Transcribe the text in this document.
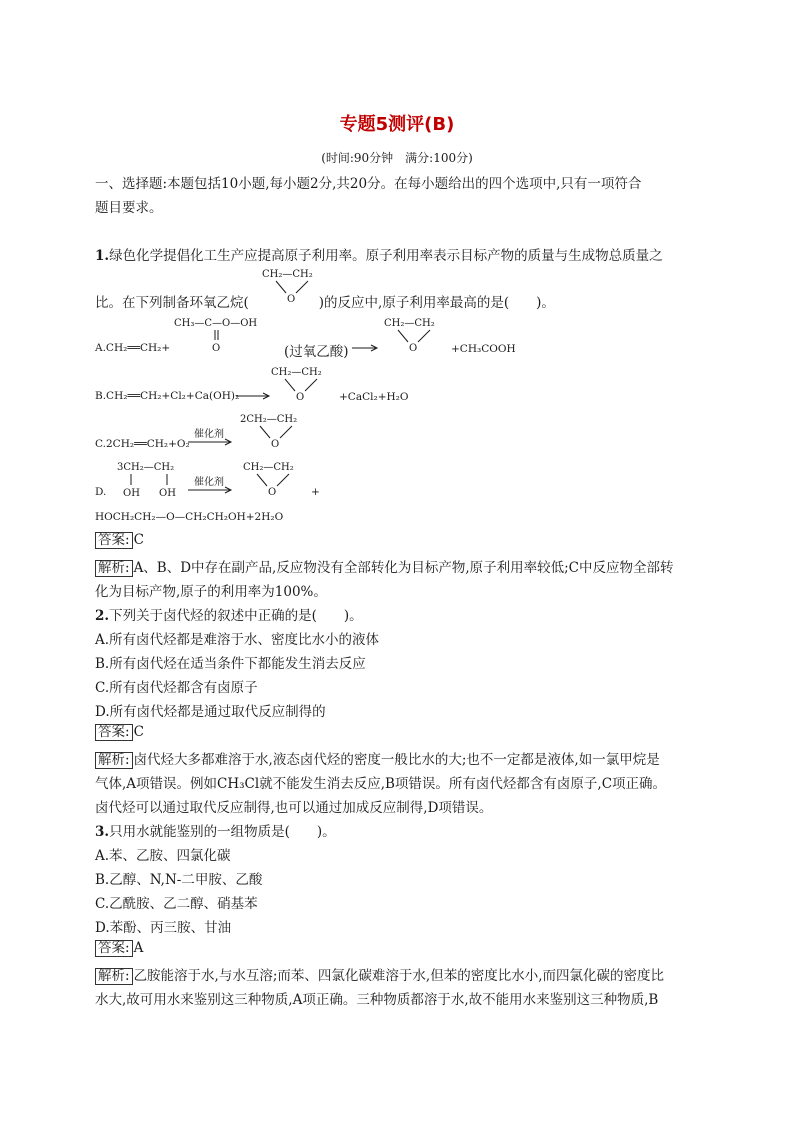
专题5测评(B)
(时间:90分钟　满分:100分)
一、选择题:本题包括10小题,每小题2分,共20分。在每小题给出的四个选项中,只有一项符合
题目要求。
1.绿色化学提倡化工生产应提高原子利用率。原子利用率表示目标产物的质量与生成物总质量之
CH₂—CH₂
O
比。在下列制备环氧乙烷(	)的反应中,原子利用率最高的是(　　)。
A.CH₂══CH₂+
CH₃—C—O—OH
O	(过氧乙酸)
CH₂—CH₂
O	+CH₃COOH
B.CH₂══CH₂+Cl₂+Ca(OH)₂
CH₂—CH₂
O	+CaCl₂+H₂O
C.2CH₂══CH₂+O₂
催化剂
2CH₂—CH₂
O
D.
3CH₂—CH₂
OH OH
催化剂
CH₂—CH₂
O	+
HOCH₂CH₂—O—CH₂CH₂OH+2H₂O
答案: C
解析: A、B、D中存在副产品,反应物没有全部转化为目标产物,原子利用率较低;C中反应物全部转
化为目标产物,原子的利用率为100%。
2.下列关于卤代烃的叙述中正确的是(　　)。
A.所有卤代烃都是难溶于水、密度比水小的液体
B.所有卤代烃在适当条件下都能发生消去反应
C.所有卤代烃都含有卤原子
D.所有卤代烃都是通过取代反应制得的
答案: C
解析: 卤代烃大多都难溶于水,液态卤代烃的密度一般比水的大;也不一定都是液体,如一氯甲烷是
气体,A项错误。例如CH₃Cl就不能发生消去反应,B项错误。所有卤代烃都含有卤原子,C项正确。
卤代烃可以通过取代反应制得,也可以通过加成反应制得,D项错误。
3.只用水就能鉴别的一组物质是(　　)。
A.苯、乙胺、四氯化碳
B.乙醇、N,N-二甲胺、乙酸
C.乙酰胺、乙二醇、硝基苯
D.苯酚、丙三胺、甘油
答案: A
解析: 乙胺能溶于水,与水互溶;而苯、四氯化碳难溶于水,但苯的密度比水小,而四氯化碳的密度比
水大,故可用水来鉴别这三种物质,A项正确。三种物质都溶于水,故不能用水来鉴别这三种物质,B
